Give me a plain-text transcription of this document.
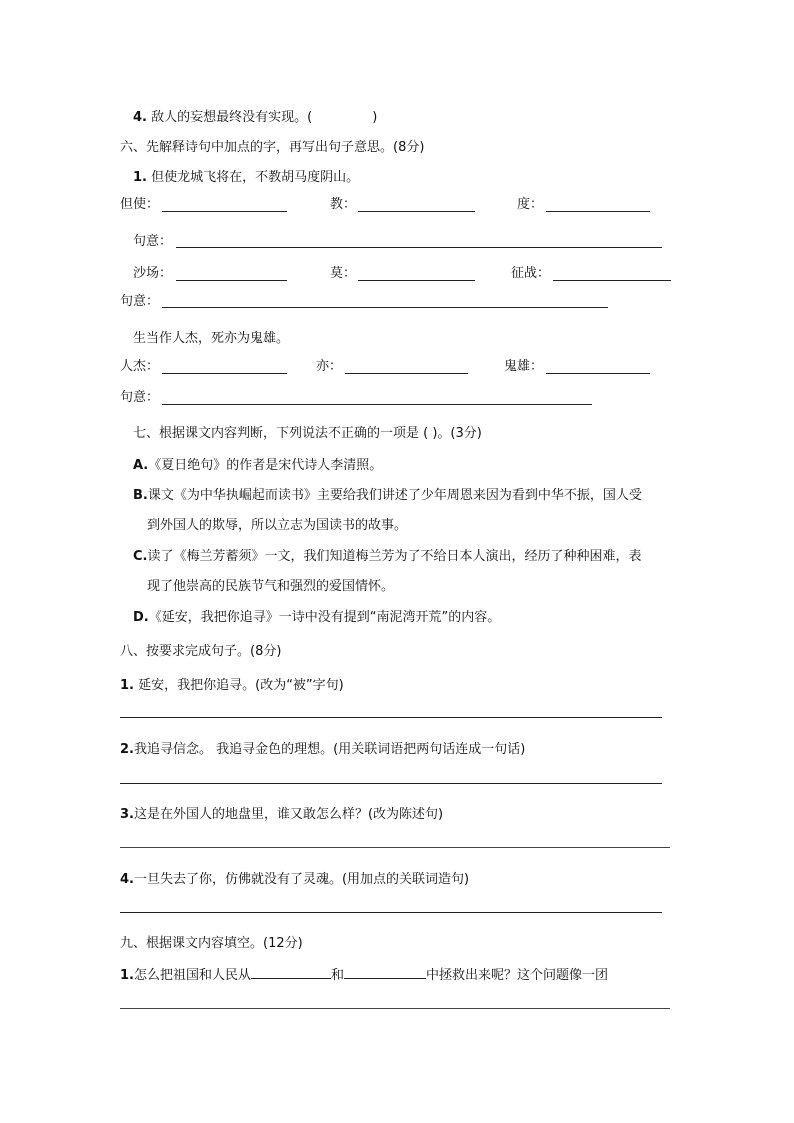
4. 敌人的妄想最终没有实现。(	)
六、先解释诗句中加点的字，再写出句子意思。(8分)
1. 但使龙城飞将在，不教胡马度阴山。
但使：	教：	度：
句意：
沙场：	莫：	征战：
句意：
生当作人杰，死亦为鬼雄。
人杰：	亦：	鬼雄：
句意：
七、根据课文内容判断，下列说法不正确的一项是 ( )。(3分)
A.《夏日绝句》的作者是宋代诗人李清照。
B.课文《为中华执崛起而读书》主要给我们讲述了少年周恩来因为看到中华不振，国人受
到外国人的欺辱，所以立志为国读书的故事。
C.读了《梅兰芳蓄须》一文，我们知道梅兰芳为了不给日本人演出，经历了种种困难，表
现了他崇高的民族节气和强烈的爱国情怀。
D.《延安，我把你追寻》一诗中没有提到“南泥湾开荒”的内容。
八、按要求完成句子。(8分)
1. 延安，我把你追寻。(改为“被”字句)
2.我追寻信念。 我追寻金色的理想。(用关联词语把两句话连成一句话)
3.这是在外国人的地盘里，谁又敢怎么样？(改为陈述句)
4.一旦失去了你，仿佛就没有了灵魂。(用加点的关联词造句)
九、根据课文内容填空。(12分)
1.怎么把祖国和人民从	和	中拯救出来呢？这个问题像一团
